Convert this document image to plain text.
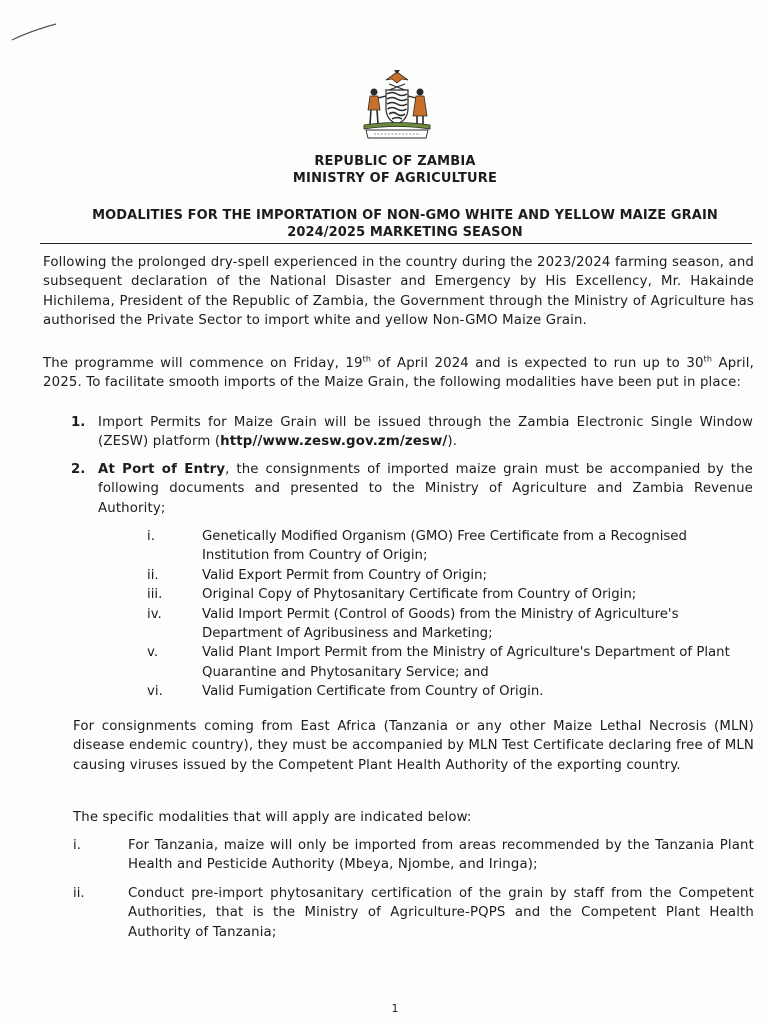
REPUBLIC OF ZAMBIA
MINISTRY OF AGRICULTURE
MODALITIES FOR THE IMPORTATION OF NON-GMO WHITE AND YELLOW MAIZE GRAIN
2024/2025 MARKETING SEASON
Following the prolonged dry-spell experienced in the country during the 2023/2024 farming season, and subsequent declaration of the National Disaster and Emergency by His Excellency, Mr. Hakainde Hichilema, President of the Republic of Zambia, the Government through the Ministry of Agriculture has authorised the Private Sector to import white and yellow Non-GMO Maize Grain.
The programme will commence on Friday, 19th of April 2024 and is expected to run up to 30th April, 2025. To facilitate smooth imports of the Maize Grain, the following modalities have been put in place:
1. Import Permits for Maize Grain will be issued through the Zambia Electronic Single Window (ZESW) platform (http//www.zesw.gov.zm/zesw/).
2. At Port of Entry, the consignments of imported maize grain must be accompanied by the following documents and presented to the Ministry of Agriculture and Zambia Revenue Authority;
i.	Genetically Modified Organism (GMO) Free Certificate from a Recognised Institution from Country of Origin;
ii.	Valid Export Permit from Country of Origin;
iii.	Original Copy of Phytosanitary Certificate from Country of Origin;
iv.	Valid Import Permit (Control of Goods) from the Ministry of Agriculture's Department of Agribusiness and Marketing;
v.	Valid Plant Import Permit from the Ministry of Agriculture's Department of Plant Quarantine and Phytosanitary Service; and
vi.	Valid Fumigation Certificate from Country of Origin.
For consignments coming from East Africa (Tanzania or any other Maize Lethal Necrosis (MLN) disease endemic country), they must be accompanied by MLN Test Certificate declaring free of MLN causing viruses issued by the Competent Plant Health Authority of the exporting country.
The specific modalities that will apply are indicated below:
i.	For Tanzania, maize will only be imported from areas recommended by the Tanzania Plant Health and Pesticide Authority (Mbeya, Njombe, and Iringa);
ii.	Conduct pre-import phytosanitary certification of the grain by staff from the Competent Authorities, that is the Ministry of Agriculture-PQPS and the Competent Plant Health Authority of Tanzania;
1
